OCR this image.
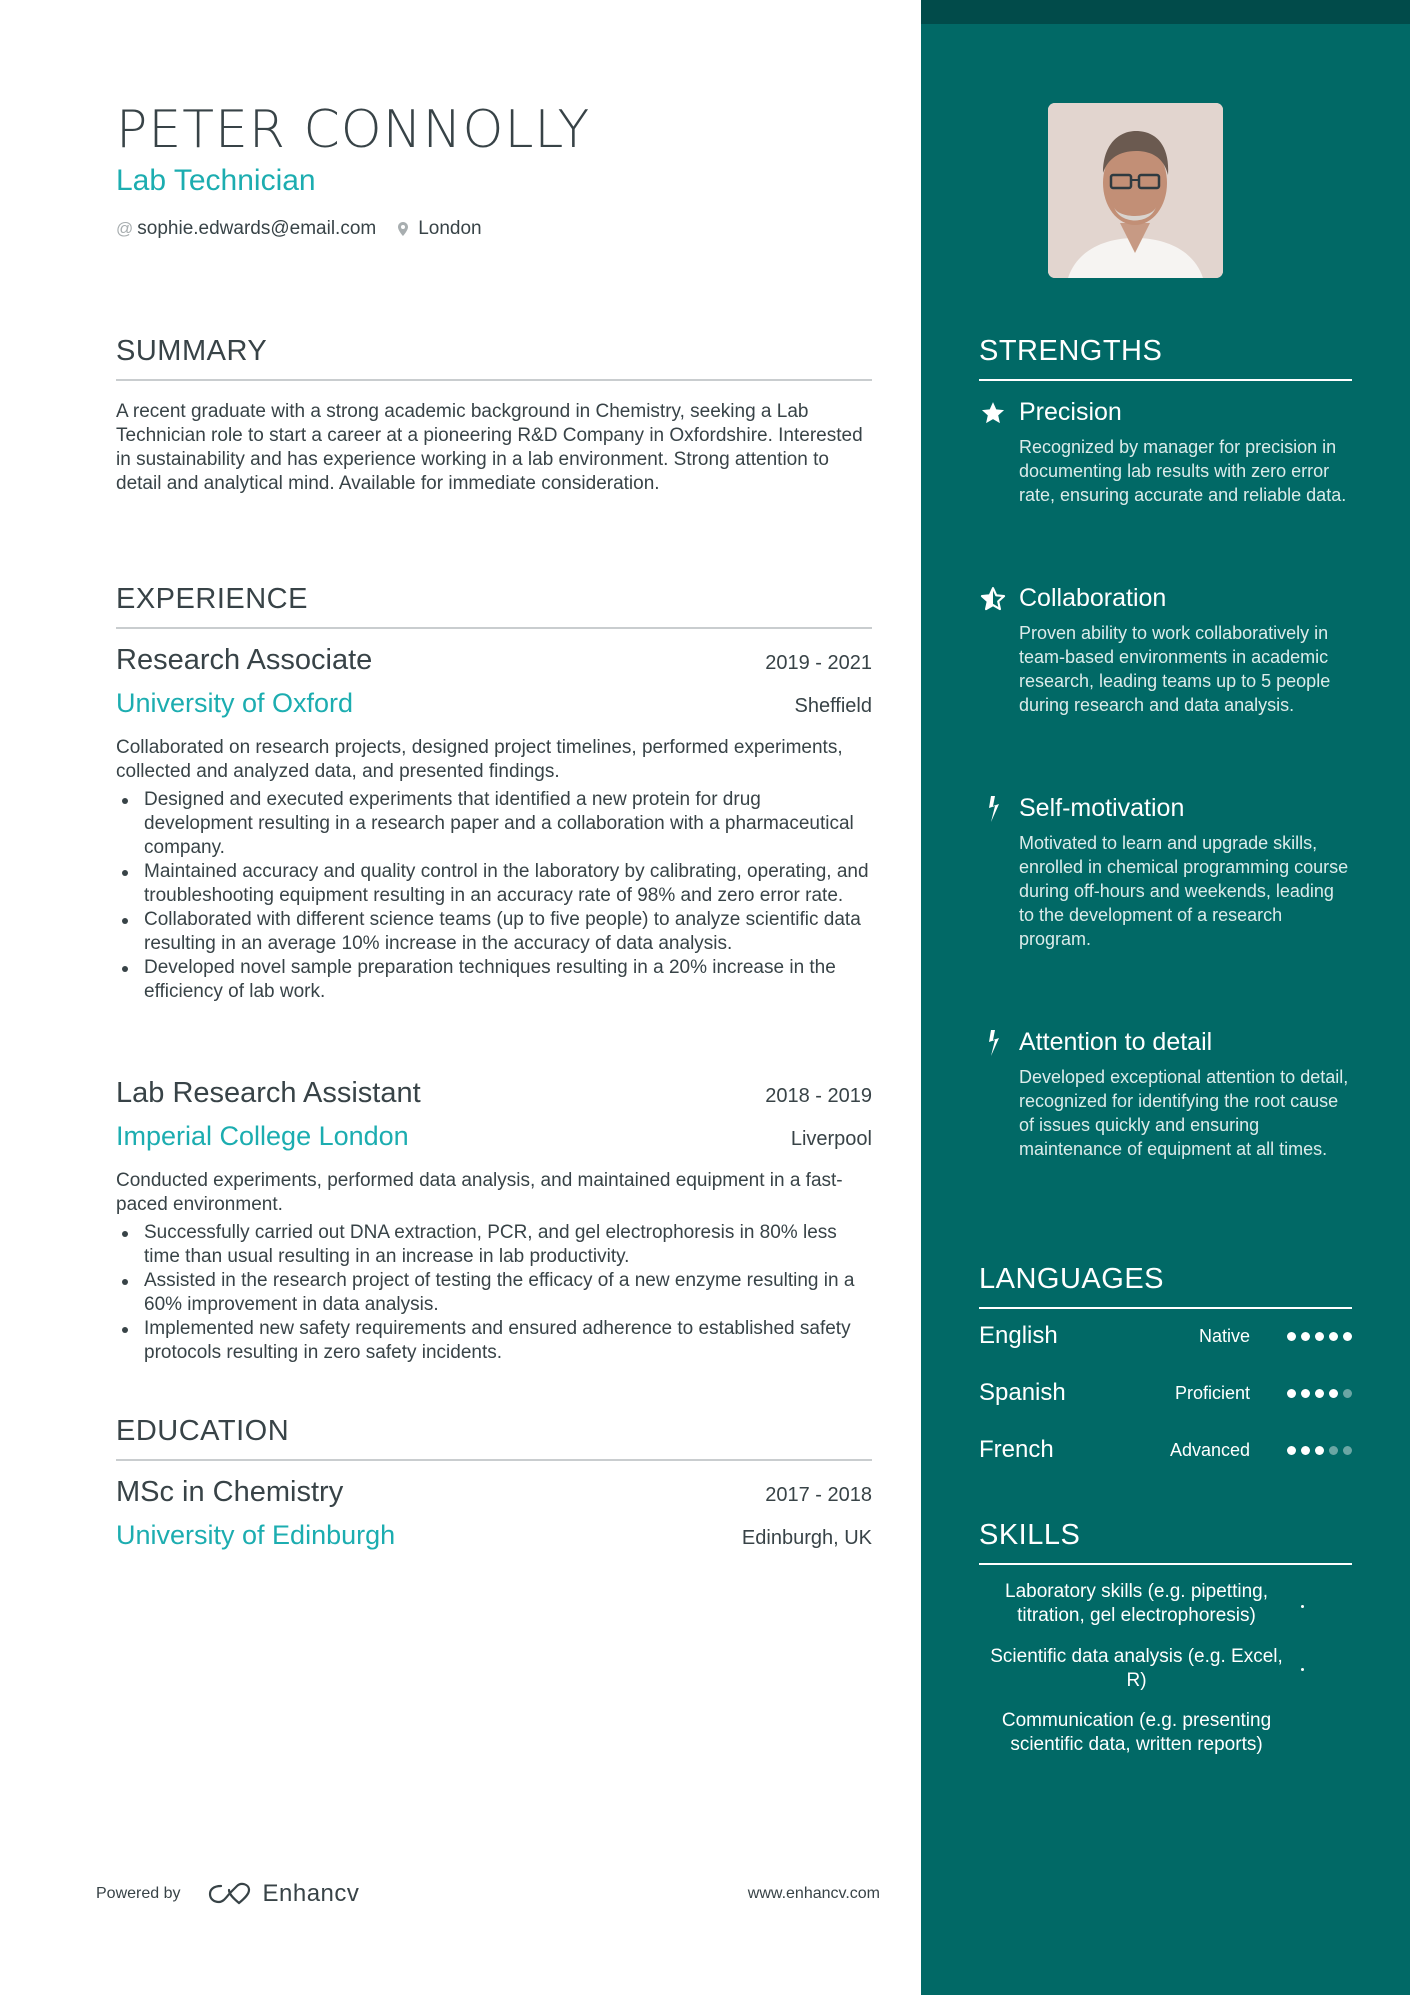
PETER CONNOLLY
Lab Technician
@ sophie.edwards@email.com London
SUMMARY
A recent graduate with a strong academic background in Chemistry, seeking a Lab Technician role to start a career at a pioneering R&D Company in Oxfordshire. Interested in sustainability and has experience working in a lab environment. Strong attention to detail and analytical mind. Available for immediate consideration.
EXPERIENCE
Research Associate	2019 - 2021
University of Oxford	Sheffield
Collaborated on research projects, designed project timelines, performed experiments, collected and analyzed data, and presented findings.
Designed and executed experiments that identified a new protein for drug development resulting in a research paper and a collaboration with a pharmaceutical company.
Maintained accuracy and quality control in the laboratory by calibrating, operating, and troubleshooting equipment resulting in an accuracy rate of 98% and zero error rate.
Collaborated with different science teams (up to five people) to analyze scientific data resulting in an average 10% increase in the accuracy of data analysis.
Developed novel sample preparation techniques resulting in a 20% increase in the efficiency of lab work.
Lab Research Assistant	2018 - 2019
Imperial College London	Liverpool
Conducted experiments, performed data analysis, and maintained equipment in a fast-paced environment.
Successfully carried out DNA extraction, PCR, and gel electrophoresis in 80% less time than usual resulting in an increase in lab productivity.
Assisted in the research project of testing the efficacy of a new enzyme resulting in a 60% improvement in data analysis.
Implemented new safety requirements and ensured adherence to established safety protocols resulting in zero safety incidents.
EDUCATION
MSc in Chemistry	2017 - 2018
University of Edinburgh	Edinburgh, UK
Powered by	Enhancv	www.enhancv.com
STRENGTHS
Precision
Recognized by manager for precision in documenting lab results with zero error rate, ensuring accurate and reliable data.
Collaboration
Proven ability to work collaboratively in team-based environments in academic research, leading teams up to 5 people during research and data analysis.
Self-motivation
Motivated to learn and upgrade skills, enrolled in chemical programming course during off-hours and weekends, leading to the development of a research program.
Attention to detail
Developed exceptional attention to detail, recognized for identifying the root cause of issues quickly and ensuring maintenance of equipment at all times.
LANGUAGES
English	Native
Spanish	Proficient
French	Advanced
SKILLS
Laboratory skills (e.g. pipetting, titration, gel electrophoresis)
Scientific data analysis (e.g. Excel, R)
Communication (e.g. presenting scientific data, written reports)
